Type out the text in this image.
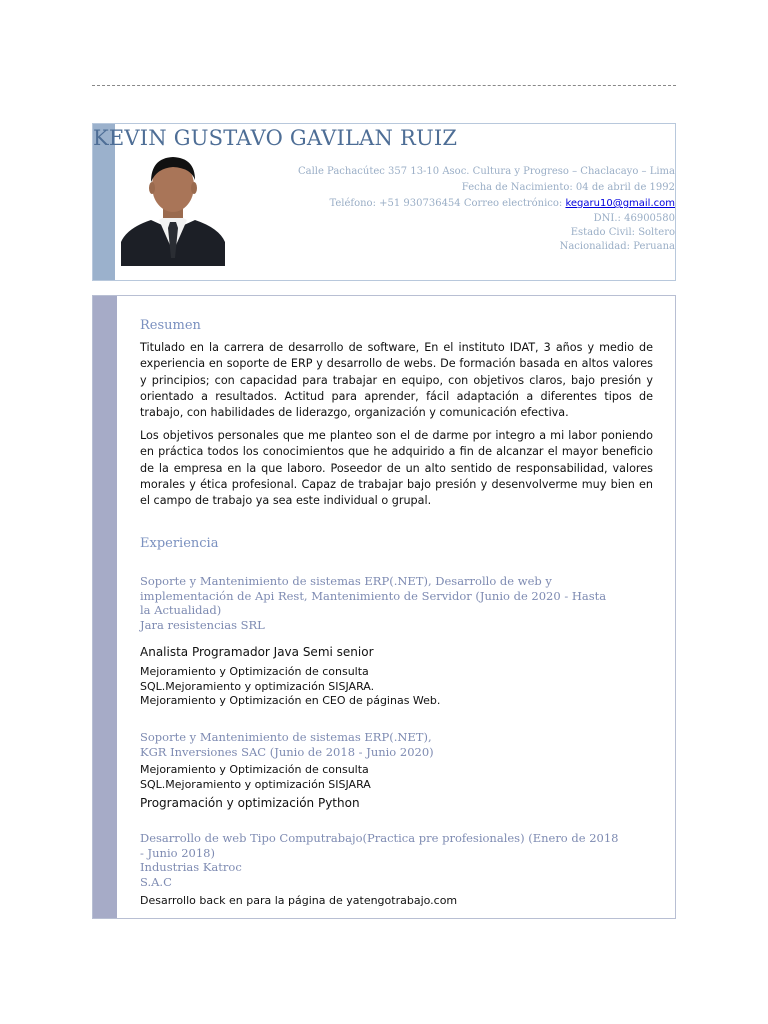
KEVIN GUSTAVO GAVILAN RUIZ
Calle Pachacútec 357 13-10 Asoc. Cultura y Progreso – Chaclacayo – Lima
Fecha de Nacimiento: 04 de abril de 1992
Teléfono: +51 930736454 Correo electrónico: kegaru10@gmail.com
DNI.: 46900580
Estado Civil: Soltero
Nacionalidad: Peruana
Resumen
Titulado en la carrera de desarrollo de software, En el instituto IDAT, 3 años y medio de experiencia en soporte de ERP y desarrollo de webs. De formación basada en altos valores y principios; con capacidad para trabajar en equipo, con objetivos claros, bajo presión y orientado a resultados. Actitud para aprender, fácil adaptación a diferentes tipos de trabajo, con habilidades de liderazgo, organización y comunicación efectiva.
Los objetivos personales que me planteo son el de darme por integro a mi labor poniendo en práctica todos los conocimientos que he adquirido a fin de alcanzar el mayor beneficio de la empresa en la que laboro. Poseedor de un alto sentido de responsabilidad, valores morales y ética profesional. Capaz de trabajar bajo presión y desenvolverme muy bien en el campo de trabajo ya sea este individual o grupal.
Experiencia
Soporte y Mantenimiento de sistemas ERP(.NET), Desarrollo de web y
implementación de Api Rest, Mantenimiento de Servidor (Junio de 2020 - Hasta
la Actualidad)
Jara resistencias SRL
Analista Programador Java Semi senior
Mejoramiento y Optimización de consulta
SQL.Mejoramiento y optimización SISJARA.
Mejoramiento y Optimización en CEO de páginas Web.
Soporte y Mantenimiento de sistemas ERP(.NET),
KGR Inversiones SAC (Junio de 2018 - Junio 2020)
Mejoramiento y Optimización de consulta
SQL.Mejoramiento y optimización SISJARA
Programación y optimización Python
Desarrollo de web Tipo Computrabajo(Practica pre profesionales) (Enero de 2018
- Junio 2018)
Industrias Katroc
S.A.C
Desarrollo back en para la página de yatengotrabajo.com
